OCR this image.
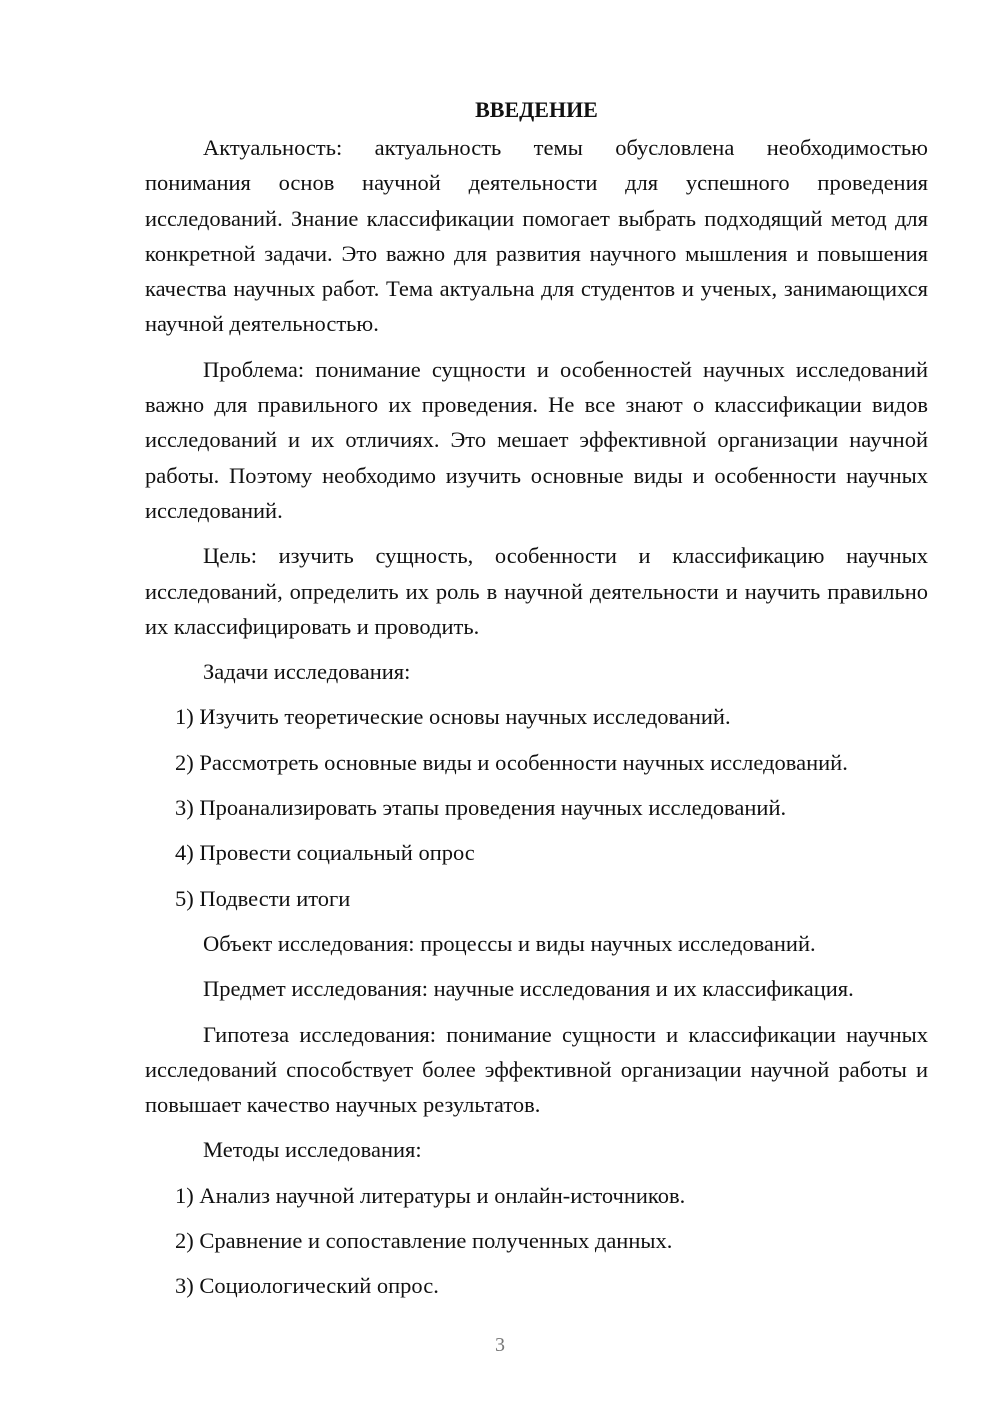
ВВЕДЕНИЕ

Актуальность: актуальность темы обусловлена необходимостью понимания основ научной деятельности для успешного проведения исследований. Знание классификации помогает выбрать подходящий метод для конкретной задачи. Это важно для развития научного мышления и повышения качества научных работ. Тема актуальна для студентов и ученых, занимающихся научной деятельностью.

Проблема: понимание сущности и особенностей научных исследований важно для правильного их проведения. Не все знают о классификации видов исследований и их отличиях. Это мешает эффективной организации научной работы. Поэтому необходимо изучить основные виды и особенности научных исследований.

Цель: изучить сущность, особенности и классификацию научных исследований, определить их роль в научной деятельности и научить правильно их классифицировать и проводить.

Задачи исследования:
1) Изучить теоретические основы научных исследований.
2) Рассмотреть основные виды и особенности научных исследований.
3) Проанализировать этапы проведения научных исследований.
4) Провести социальный опрос
5) Подвести итоги
Объект исследования: процессы и виды научных исследований.
Предмет исследования: научные исследования и их классификация.

Гипотеза исследования: понимание сущности и классификации научных исследований способствует более эффективной организации научной работы и повышает качество научных результатов.

Методы исследования:
1) Анализ научной литературы и онлайн-источников.
2) Сравнение и сопоставление полученных данных.
3) Социологический опрос.
3
